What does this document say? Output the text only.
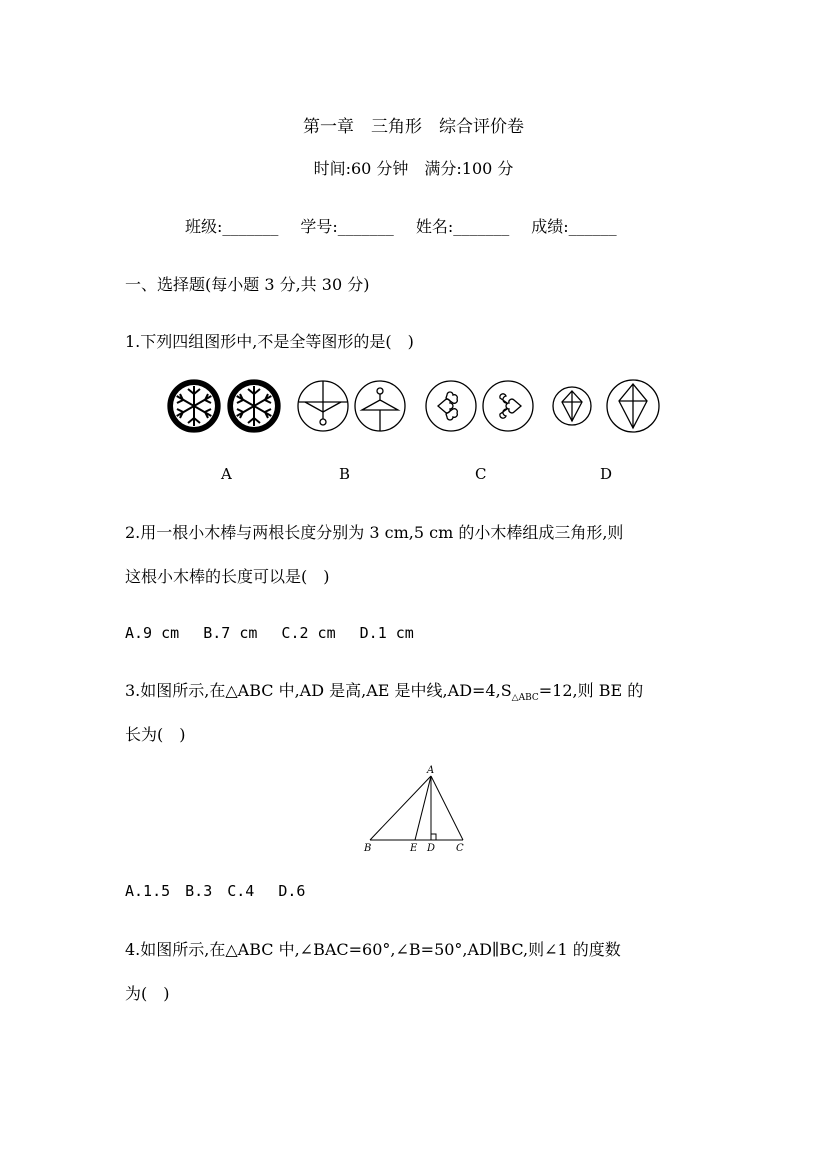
第一章　三角形　综合评价卷
时间:60 分钟　满分:100 分
班级:_______ 学号:_______ 姓名:_______ 成绩:______
一、选择题(每小题 3 分,共 30 分)
1.下列四组图形中,不是全等图形的是(　)
A	B	C	D
2.用一根小木棒与两根长度分别为 3 cm,5 cm 的小木棒组成三角形,则
这根小木棒的长度可以是(　)
A.9 cm　 B.7 cm　 C.2 cm　 D.1 cm
3.如图所示,在△ABC 中,AD 是高,AE 是中线$,AD=4,S_{\triangle ABC}=12$,则 BE 的
长为(　)
A
B	E D C
A.1.5　B.3　C.4　 D.6
4.如图所示,在△ABC 中,∠BAC=60°,∠B=50°,AD∥BC,则∠1 的度数
为(　)
